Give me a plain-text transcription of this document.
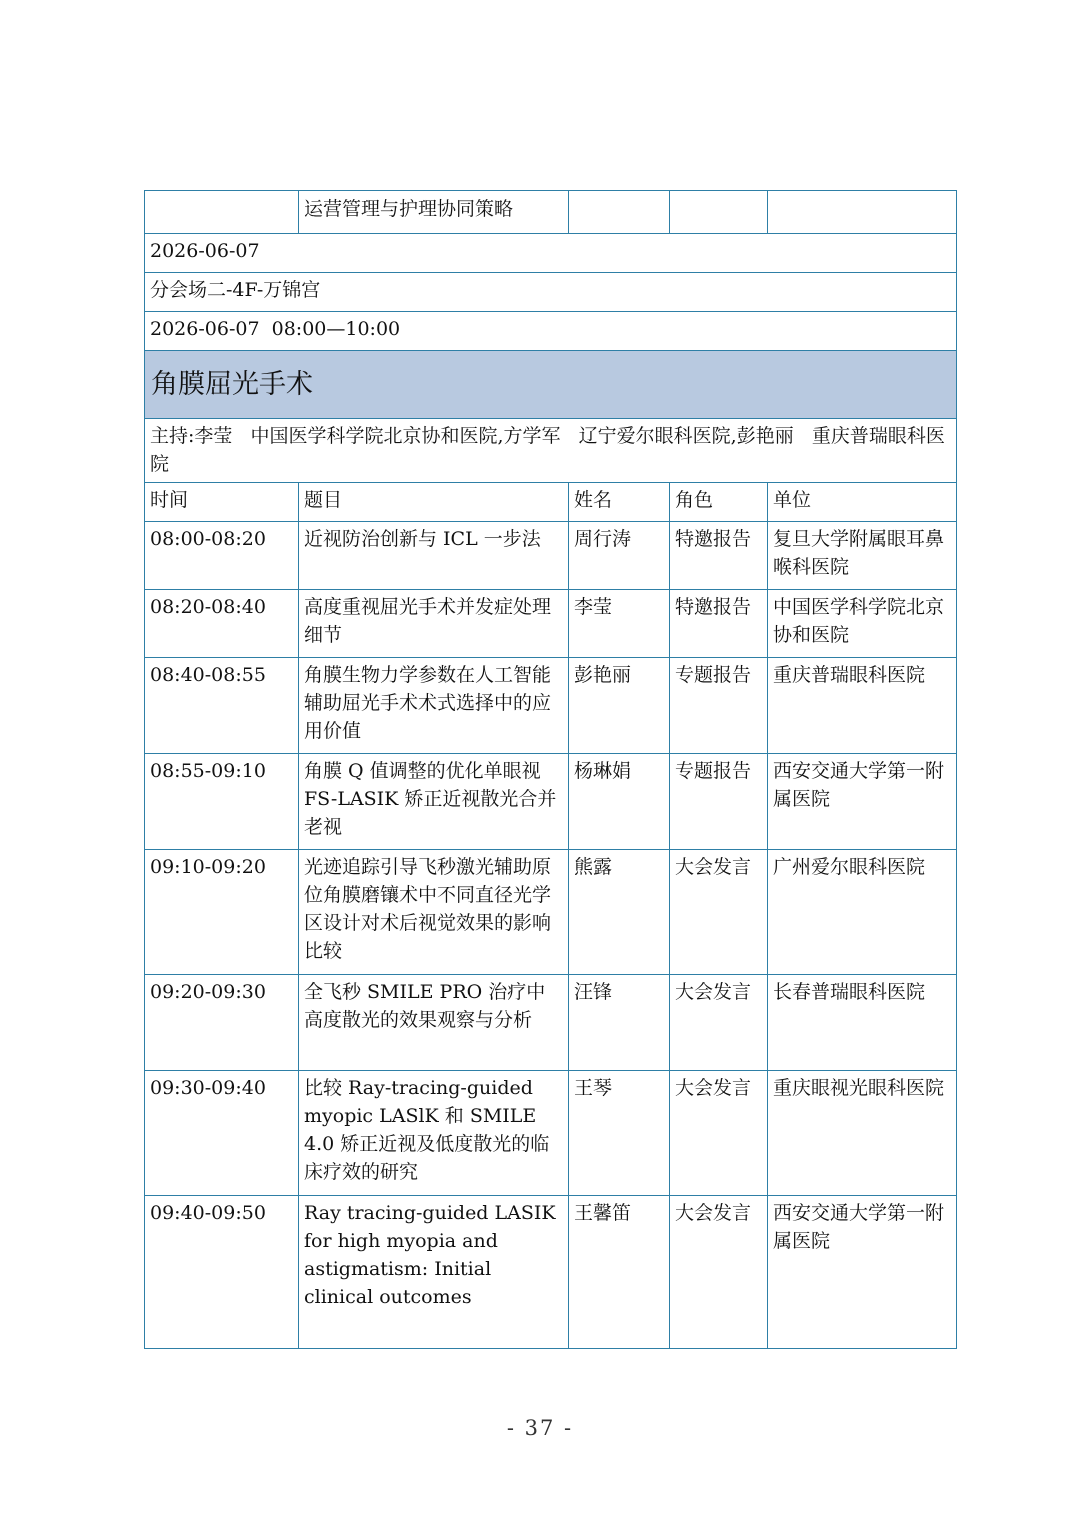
	运营管理与护理协同策略			
2026-06-07				
分会场二-4F-万锦宫				
2026-06-07  08:00—10:00				
角膜屈光手术				
主持:李莹   中国医学科学院北京协和医院,方学军   辽宁爱尔眼科医院,彭艳丽   重庆普瑞眼科医院				
时间	题目	姓名	角色	单位
08:00-08:20	近视防治创新与 ICL 一步法	周行涛	特邀报告	复旦大学附属眼耳鼻喉科医院
08:20-08:40	高度重视屈光手术并发症处理细节	李莹	特邀报告	中国医学科学院北京协和医院
08:40-08:55	角膜生物力学参数在人工智能辅助屈光手术术式选择中的应用价值	彭艳丽	专题报告	重庆普瑞眼科医院
08:55-09:10	角膜 Q 值调整的优化单眼视 FS-LASIK 矫正近视散光合并老视	杨琳娟	专题报告	西安交通大学第一附属医院
09:10-09:20	光迹追踪引导飞秒激光辅助原位角膜磨镶术中不同直径光学区设计对术后视觉效果的影响比较	熊露	大会发言	广州爱尔眼科医院
09:20-09:30	全飞秒 SMILE PRO 治疗中高度散光的效果观察与分析	汪锋	大会发言	长春普瑞眼科医院
09:30-09:40	比较 Ray-tracing-guided myopic LASlK 和 SMILE 4.0 矫正近视及低度散光的临床疗效的研究	王琴	大会发言	重庆眼视光眼科医院
09:40-09:50	Ray tracing-guided LASIK for high myopia and astigmatism: Initial clinical outcomes	王馨笛	大会发言	西安交通大学第一附属医院
- 37 -
